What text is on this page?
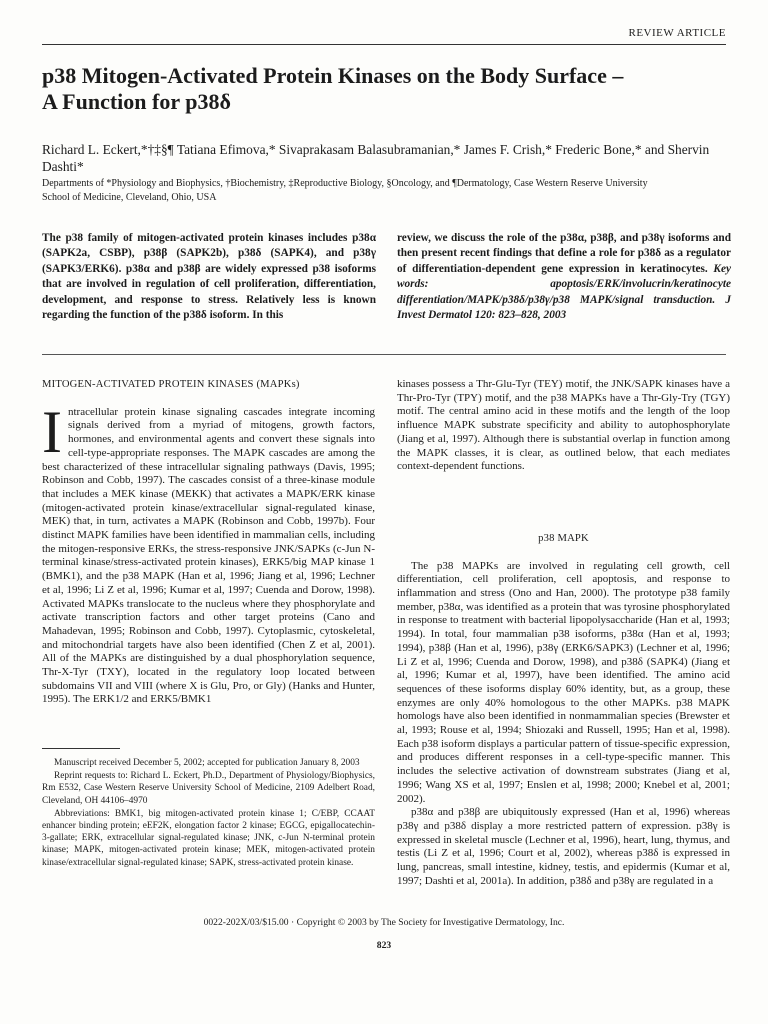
REVIEW ARTICLE
p38 Mitogen-Activated Protein Kinases on the Body Surface –
A Function for p38δ
Richard L. Eckert,*†‡§¶ Tatiana Efimova,* Sivaprakasam Balasubramanian,* James F. Crish,* Frederic Bone,* and Shervin Dashti*
Departments of *Physiology and Biophysics, †Biochemistry, ‡Reproductive Biology, §Oncology, and ¶Dermatology, Case Western Reserve University
School of Medicine, Cleveland, Ohio, USA
The p38 family of mitogen-activated protein kinases includes p38α (SAPK2a, CSBP), p38β (SAPK2b), p38δ (SAPK4), and p38γ (SAPK3/ERK6). p38α and p38β are widely expressed p38 isoforms that are involved in regulation of cell proliferation, differentiation, development, and response to stress. Relatively less is known regarding the function of the p38δ isoform. In this
review, we discuss the role of the p38α, p38β, and p38γ isoforms and then present recent findings that define a role for p38δ as a regulator of differentiation-dependent gene expression in keratinocytes. Key words: apoptosis/ERK/involucrin/keratinocyte differentiation/MAPK/p38δ/p38γ/p38 MAPK/signal transduction. J Invest Dermatol 120: 823–828, 2003

MITOGEN-ACTIVATED PROTEIN KINASES (MAPKs)

Intracellular protein kinase signaling cascades integrate incoming signals derived from a myriad of mitogens, growth factors, hormones, and environmental agents and convert these signals into cell-type-appropriate responses. The MAPK cascades are among the best characterized of these intracellular signaling pathways (Davis, 1995; Robinson and Cobb, 1997). The cascades consist of a three-kinase module that includes a MEK kinase (MEKK) that activates a MAPK/ERK kinase (mitogen-activated protein kinase/extracellular signal-regulated kinase, MEK) that, in turn, activates a MAPK (Robinson and Cobb, 1997b). Four distinct MAPK families have been identified in mammalian cells, including the mitogen-responsive ERKs, the stress-responsive JNK/SAPKs (c-Jun N-terminal kinase/stress-activated protein kinases), ERK5/big MAP kinase 1 (BMK1), and the p38 MAPK (Han et al, 1996; Jiang et al, 1996; Lechner et al, 1996; Li Z et al, 1996; Kumar et al, 1997; Cuenda and Dorow, 1998). Activated MAPKs translocate to the nucleus where they phosphorylate and activate transcription factors and other target proteins (Cano and Mahadevan, 1995; Robinson and Cobb, 1997). Cytoplasmic, cytoskeletal, and mitochondrial targets have also been identified (Chen Z et al, 2001). All of the MAPKs are distinguished by a dual phosphorylation sequence, Thr-X-Tyr (TXY), located in the regulatory loop located between subdomains VII and VIII (where X is Glu, Pro, or Gly) (Hanks and Hunter, 1995). The ERK1/2 and ERK5/BMK1

Manuscript received December 5, 2002; accepted for publication January 8, 2003

Reprint requests to: Richard L. Eckert, Ph.D., Department of Physiology/Biophysics, Rm E532, Case Western Reserve University School of Medicine, 2109 Adelbert Road, Cleveland, OH 44106–4970

Abbreviations: BMK1, big mitogen-activated protein kinase 1; C/EBP, CCAAT enhancer binding protein; eEF2K, elongation factor 2 kinase; EGCG, epigallocatechin-3-gallate; ERK, extracellular signal-regulated kinase; JNK, c-Jun N-terminal protein kinase; MAPK, mitogen-activated protein kinase; MEK, mitogen-activated protein kinase/extracellular signal-regulated kinase; SAPK, stress-activated protein kinase.

kinases possess a Thr-Glu-Tyr (TEY) motif, the JNK/SAPK kinases have a Thr-Pro-Tyr (TPY) motif, and the p38 MAPKs have a Thr-Gly-Try (TGY) motif. The central amino acid in these motifs and the length of the loop influence MAPK substrate specificity and ability to autophosphorylate (Jiang et al, 1997). Although there is substantial overlap in function among the MAPK classes, it is clear, as outlined below, that each mediates context-dependent functions.

p38 MAPK

The p38 MAPKs are involved in regulating cell growth, cell differentiation, cell proliferation, cell apoptosis, and response to inflammation and stress (Ono and Han, 2000). The prototype p38 family member, p38α, was identified as a protein that was tyrosine phosphorylated in response to treatment with bacterial lipopolysaccharide (Han et al, 1993; 1994). In total, four mammalian p38 isoforms, p38α (Han et al, 1993; 1994), p38β (Han et al, 1996), p38γ (ERK6/SAPK3) (Lechner et al, 1996; Li Z et al, 1996; Cuenda and Dorow, 1998), and p38δ (SAPK4) (Jiang et al, 1996; Kumar et al, 1997), have been identified. The amino acid sequences of these isoforms display 60% identity, but, as a group, these enzymes are only 40% homologous to the other MAPKs. p38 MAPK homologs have also been identified in nonmammalian species (Brewster et al, 1993; Rouse et al, 1994; Shiozaki and Russell, 1995; Han et al, 1998). Each p38 isoform displays a particular pattern of tissue-specific expression, and produces different responses in a cell-type-specific manner. This includes the selective activation of downstream substrates (Jiang et al, 1996; Wang XS et al, 1997; Enslen et al, 1998; 2000; Knebel et al, 2001; 2002).

p38α and p38β are ubiquitously expressed (Han et al, 1996) whereas p38γ and p38δ display a more restricted pattern of expression. p38γ is expressed in skeletal muscle (Lechner et al, 1996), heart, lung, thymus, and testis (Li Z et al, 1996; Court et al, 2002), whereas p38δ is expressed in lung, pancreas, small intestine, kidney, testis, and epidermis (Kumar et al, 1997; Dashti et al, 2001a). In addition, p38δ and p38γ are regulated in a

0022-202X/03/$15.00 · Copyright © 2003 by The Society for Investigative Dermatology, Inc.
823
